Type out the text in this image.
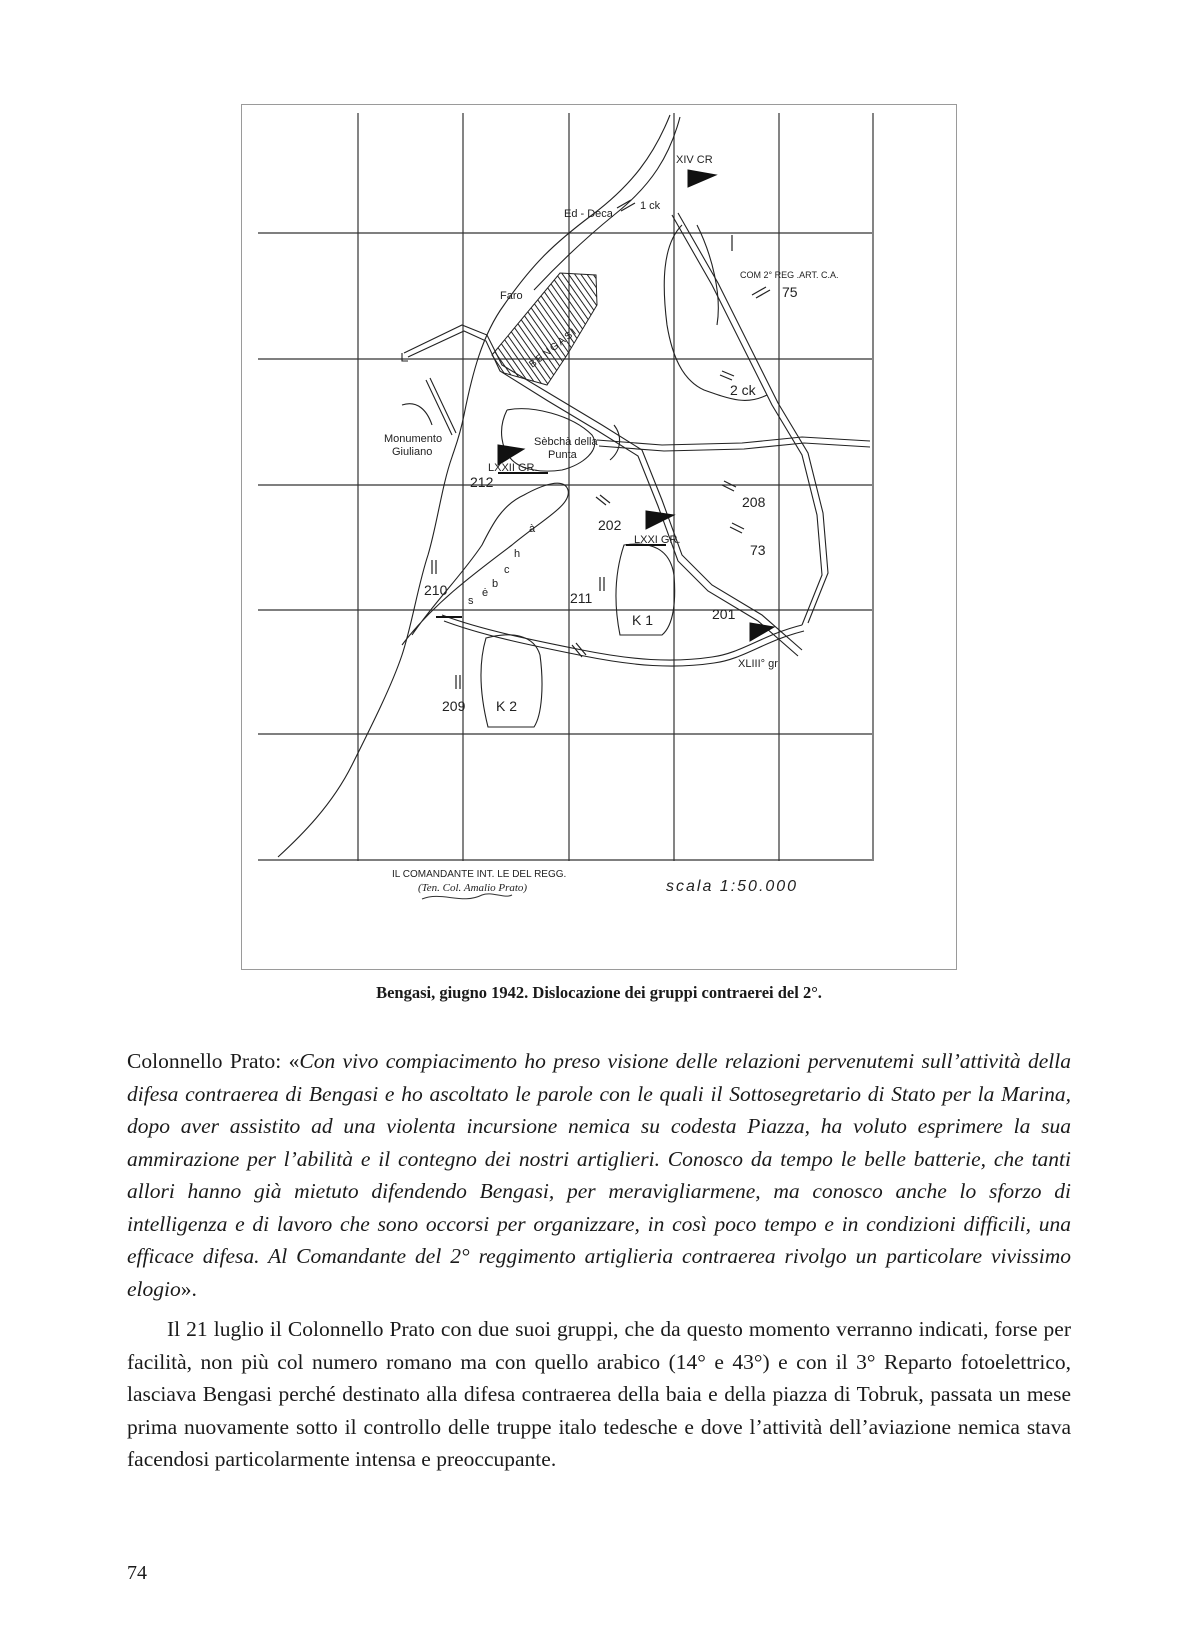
XIV CR
Ed - Deca
1 ck
COM 2° REG .ART. C.A.
75
Faro
BENGASI
2 ck
Monumento
Giuliano
Sèbchà della
Punta
LXXII GR.
212
208
202
LXXI GR.
73
210
à
h
c
b
ė
s	211
K 1	201
XLIII° gr
209 K 2
IL COMANDANTE INT. LE DEL REGG.
(Ten. Col. Amalio Prato)	scala 1:50.000
Bengasi, giugno 1942. Dislocazione dei gruppi contraerei del 2°.

Colonnello Prato: «Con vivo compiacimento ho preso visione delle relazioni pervenutemi sull’attività della difesa contraerea di Bengasi e ho ascoltato le parole con le quali il Sottosegretario di Stato per la Marina, dopo aver assistito ad una violenta incursione nemica su codesta Piazza, ha voluto esprimere la sua ammirazione per l’abilità e il contegno dei nostri artiglieri. Conosco da tempo le belle batterie, che tanti allori hanno già mietuto difendendo Bengasi, per meravigliarmene, ma conosco anche lo sforzo di intelligenza e di lavoro che sono occorsi per organizzare, in così poco tempo e in condizioni difficili, una efficace difesa. Al Comandante del 2° reggimento artiglieria contraerea rivolgo un particolare vivissimo elogio».

Il 21 luglio il Colonnello Prato con due suoi gruppi, che da questo momento verranno indicati, forse per facilità, non più col numero romano ma con quello arabico (14° e 43°) e con il 3° Reparto fotoelettrico, lasciava Bengasi perché destinato alla difesa contraerea della baia e della piazza di Tobruk, passata un mese prima nuovamente sotto il controllo delle truppe italo tedesche e dove l’attività dell’aviazione nemica stava facendosi particolarmente intensa e preoccupante.

74
